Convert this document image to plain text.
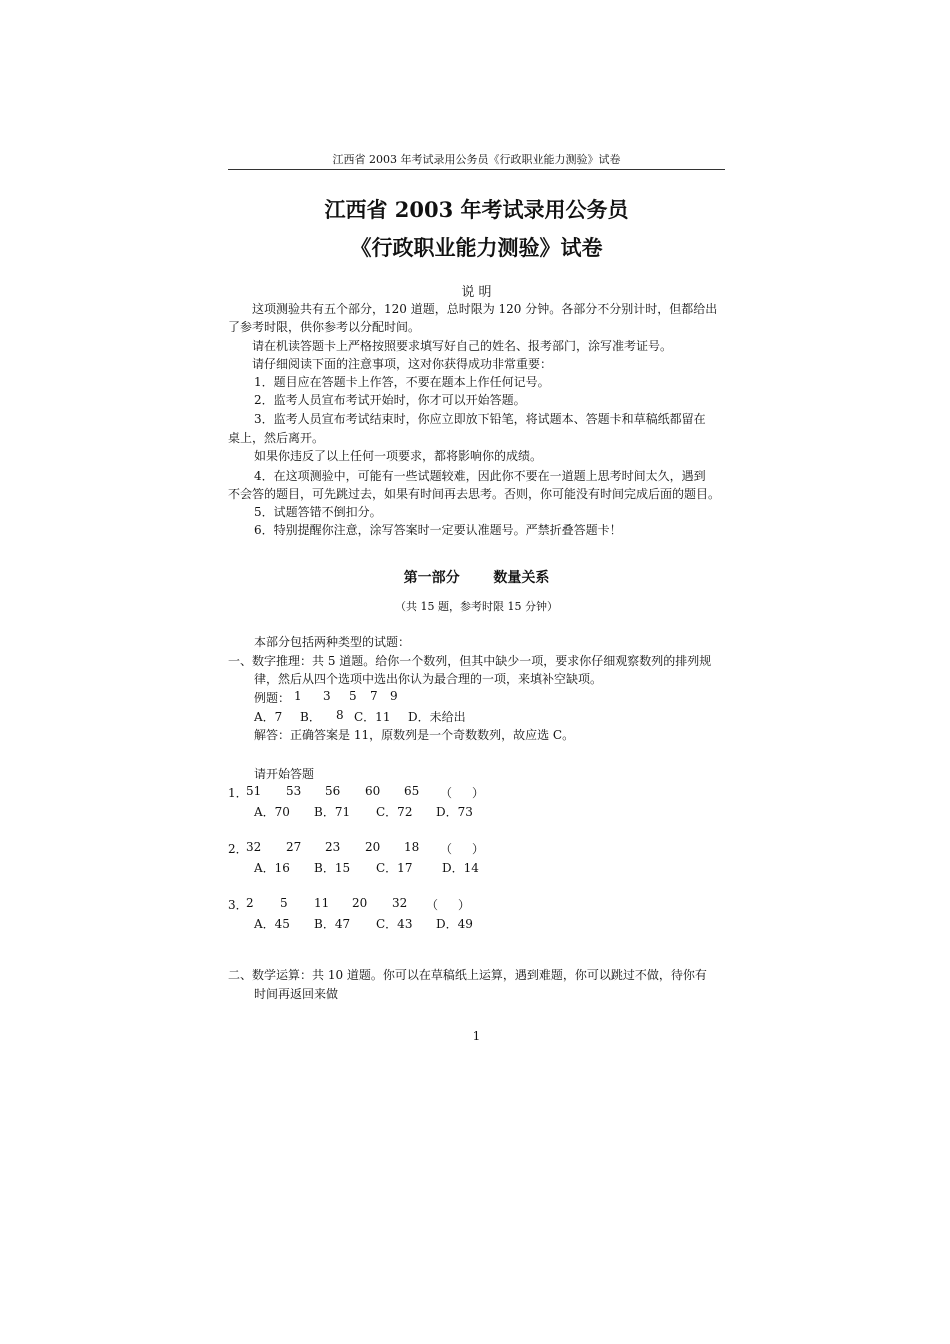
江西省 2003 年考试录用公务员《行政职业能力测验》试卷
江西省 2003 年考试录用公务员
《行政职业能力测验》试卷
说 明
这项测验共有五个部分，120 道题，总时限为 120 分钟。各部分不分别计时，但都给出
了参考时限，供你参考以分配时间。
请在机读答题卡上严格按照要求填写好自己的姓名、报考部门，涂写准考证号。
请仔细阅读下面的注意事项，这对你获得成功非常重要：
1．题目应在答题卡上作答，不要在题本上作任何记号。
2．监考人员宣布考试开始时，你才可以开始答题。
3．监考人员宣布考试结束时，你应立即放下铅笔，将试题本、答题卡和草稿纸都留在
桌上，然后离开。
如果你违反了以上任何一项要求，都将影响你的成绩。
4．在这项测验中，可能有一些试题较难，因此你不要在一道题上思考时间太久，遇到
不会答的题目，可先跳过去，如果有时间再去思考。否则，你可能没有时间完成后面的题目。
5．试题答错不倒扣分。
6．特别提醒你注意，涂写答案时一定要认准题号。严禁折叠答题卡！
第一部分 数量关系
（共 15 题，参考时限 15 分钟）
本部分包括两种类型的试题：
一、数字推理：共 5 道题。给你一个数列，但其中缺少一项，要求你仔细观察数列的排列规
律，然后从四个选项中选出你认为最合理的一项，来填补空缺项。
例题： 1 3 5 7 9
A．7 B． 8 C．11 D．未给出
解答：正确答案是 11，原数列是一个奇数数列，故应选 C。
请开始答题
1．
51 53 56 60 65 （ ）
A．70 B．71 C．72 D．73
2．
32 27 23 20 18 （ ）
A．16 B．15 C．17 D．14
3．
2 5 11 20 32 （ ）
A．45 B．47 C．43 D．49
二、数学运算：共 10 道题。你可以在草稿纸上运算，遇到难题，你可以跳过不做，待你有
时间再返回来做
1
